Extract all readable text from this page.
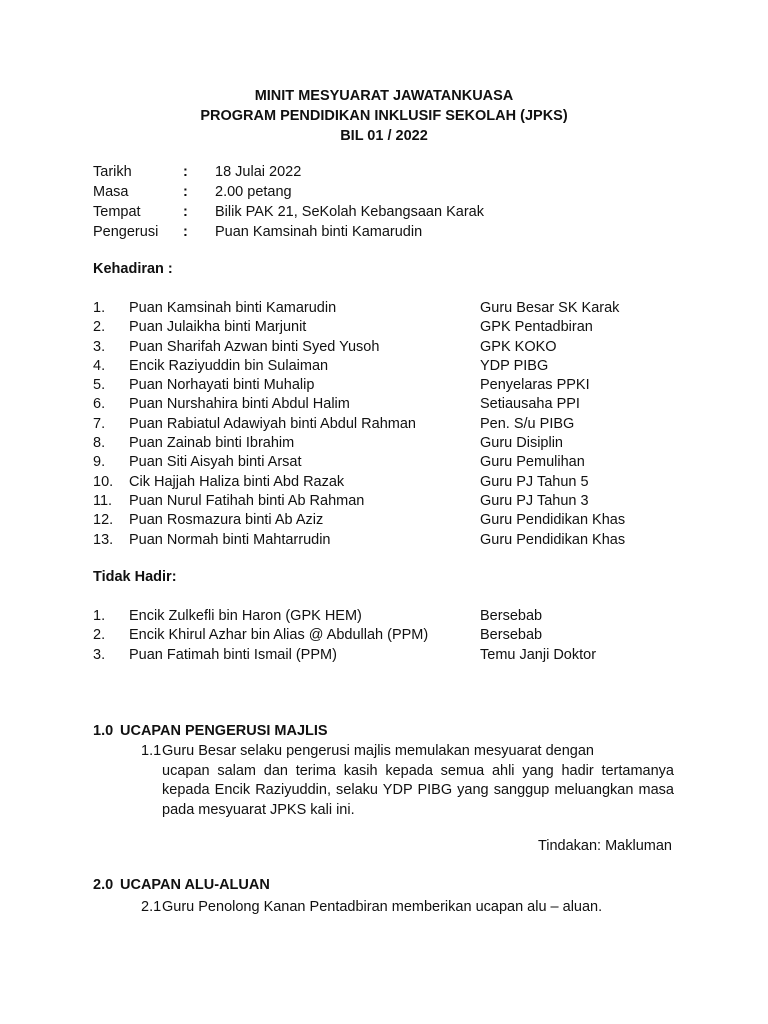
MINIT MESYUARAT JAWATANKUASA
PROGRAM PENDIDIKAN INKLUSIF SEKOLAH (JPKS)
BIL 01 / 2022
Tarikh	:	18 Julai 2022
Masa	:	2.00 petang
Tempat	:	Bilik PAK 21, SeKolah Kebangsaan Karak
Pengerusi	:	Puan Kamsinah binti Kamarudin
Kehadiran :
1.	Puan Kamsinah binti Kamarudin	Guru Besar SK Karak
2.	Puan Julaikha binti Marjunit	GPK Pentadbiran
3.	Puan Sharifah Azwan binti Syed Yusoh	GPK KOKO
4.	Encik Raziyuddin bin Sulaiman	YDP PIBG
5.	Puan Norhayati binti Muhalip	Penyelaras PPKI
6.	Puan Nurshahira binti Abdul Halim	Setiausaha PPI
7.	Puan Rabiatul Adawiyah binti Abdul Rahman	Pen. S/u PIBG
8.	Puan Zainab binti Ibrahim	Guru Disiplin
9.	Puan Siti Aisyah binti Arsat	Guru Pemulihan
10.	Cik Hajjah Haliza binti Abd Razak	Guru PJ Tahun 5
11.	Puan Nurul Fatihah binti Ab Rahman	Guru PJ Tahun 3
12.	Puan Rosmazura binti Ab Aziz	Guru Pendidikan Khas
13.	Puan Normah binti Mahtarrudin	Guru Pendidikan Khas
Tidak Hadir:
1.	Encik Zulkefli bin Haron (GPK HEM)	Bersebab
2.	Encik Khirul Azhar bin Alias @ Abdullah (PPM)	Bersebab
3.	Puan Fatimah binti Ismail (PPM)	Temu Janji Doktor
1.0 UCAPAN PENGERUSI MAJLIS
1.1Guru Besar selaku pengerusi majlis memulakan mesyuarat dengan
ucapan salam dan terima kasih kepada semua ahli yang hadir tertamanya kepada Encik Raziyuddin, selaku YDP PIBG yang sanggup meluangkan masa pada mesyuarat JPKS kali ini.
Tindakan: Makluman
2.0 UCAPAN ALU-ALUAN
2.1Guru Penolong Kanan Pentadbiran memberikan ucapan alu – aluan.
